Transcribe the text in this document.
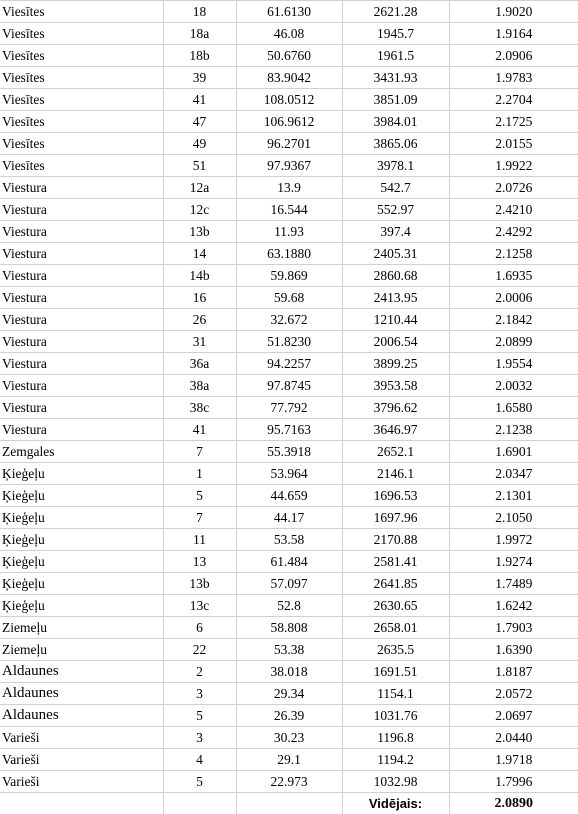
Viesītes	18	61.6130	2621.28	1.9020
Viesītes	18a	46.08	1945.7	1.9164
Viesītes	18b	50.6760	1961.5	2.0906
Viesītes	39	83.9042	3431.93	1.9783
Viesītes	41	108.0512	3851.09	2.2704
Viesītes	47	106.9612	3984.01	2.1725
Viesītes	49	96.2701	3865.06	2.0155
Viesītes	51	97.9367	3978.1	1.9922
Viestura	12a	13.9	542.7	2.0726
Viestura	12c	16.544	552.97	2.4210
Viestura	13b	11.93	397.4	2.4292
Viestura	14	63.1880	2405.31	2.1258
Viestura	14b	59.869	2860.68	1.6935
Viestura	16	59.68	2413.95	2.0006
Viestura	26	32.672	1210.44	2.1842
Viestura	31	51.8230	2006.54	2.0899
Viestura	36a	94.2257	3899.25	1.9554
Viestura	38a	97.8745	3953.58	2.0032
Viestura	38c	77.792	3796.62	1.6580
Viestura	41	95.7163	3646.97	2.1238
Zemgales	7	55.3918	2652.1	1.6901
Ķieģeļu	1	53.964	2146.1	2.0347
Ķieģeļu	5	44.659	1696.53	2.1301
Ķieģeļu	7	44.17	1697.96	2.1050
Ķieģeļu	11	53.58	2170.88	1.9972
Ķieģeļu	13	61.484	2581.41	1.9274
Ķieģeļu	13b	57.097	2641.85	1.7489
Ķieģeļu	13c	52.8	2630.65	1.6242
Ziemeļu	6	58.808	2658.01	1.7903
Ziemeļu	22	53.38	2635.5	1.6390
Aldaunes	2	38.018	1691.51	1.8187
Aldaunes	3	29.34	1154.1	2.0572
Aldaunes	5	26.39	1031.76	2.0697
Varieši	3	30.23	1196.8	2.0440
Varieši	4	29.1	1194.2	1.9718
Varieši	5	22.973	1032.98	1.7996
			Vidējais:	2.0890
